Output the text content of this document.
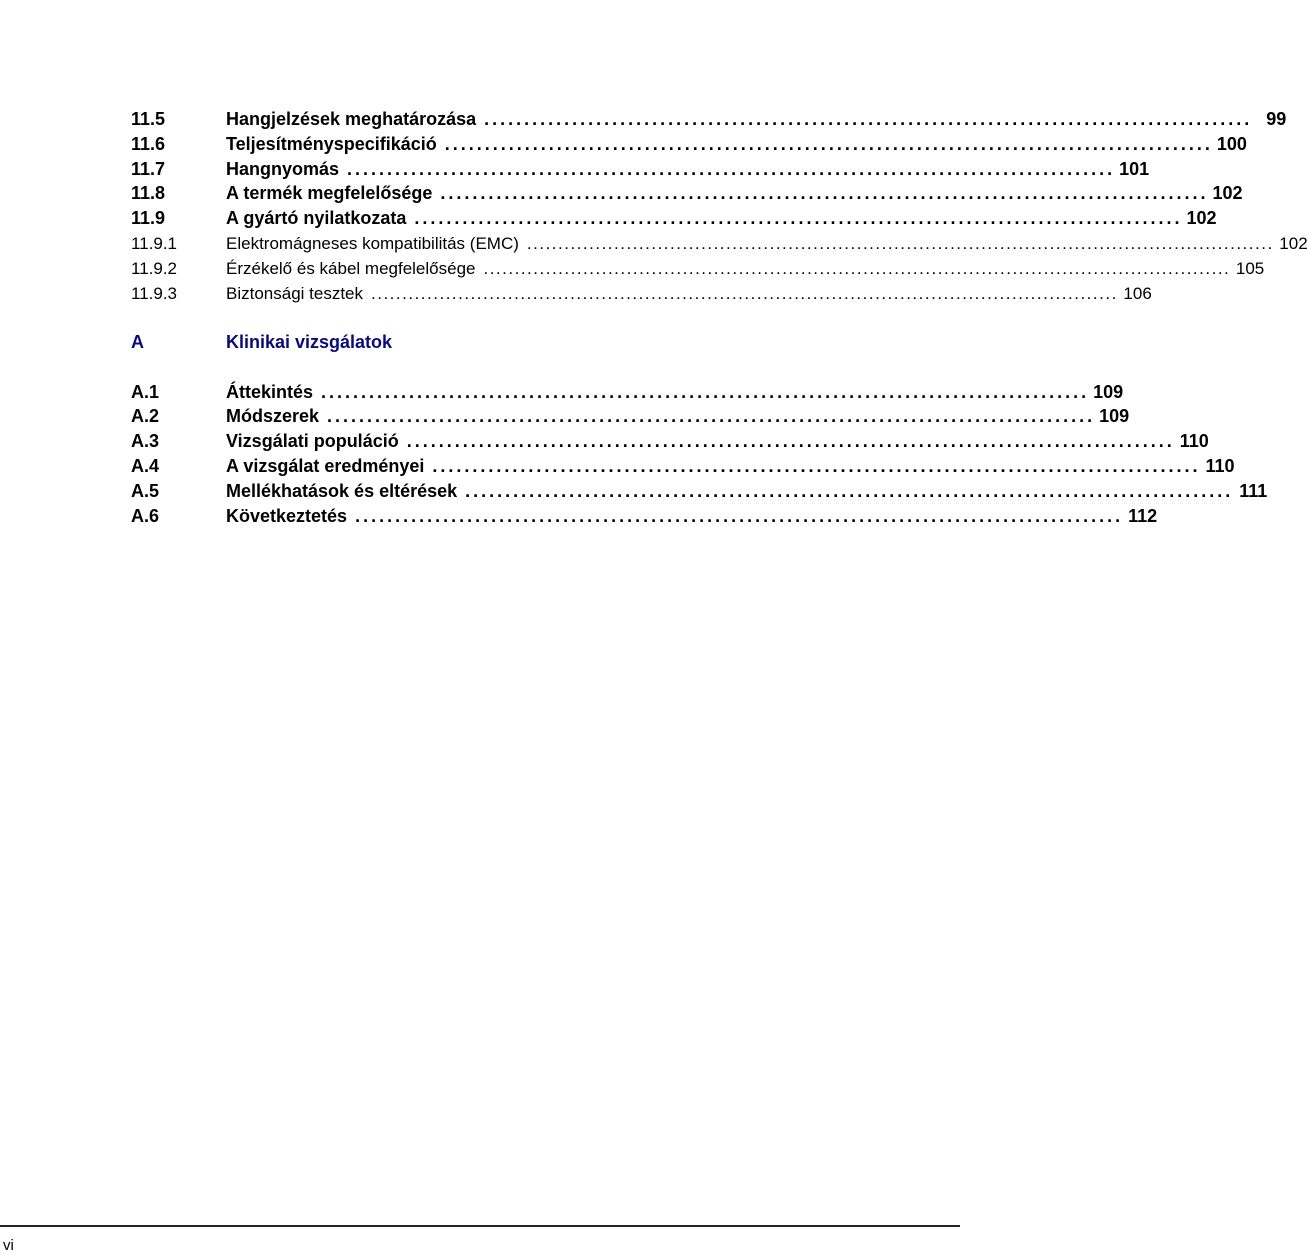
11.5	Hangjelzések meghatározása ................................................................................................ 99
11.6	Teljesítményspecifikáció ................................................................................................ 100
11.7	Hangnyomás ................................................................................................ 101
11.8	A termék megfelelősége ................................................................................................ 102
11.9	A gyártó nyilatkozata ................................................................................................ 102
11.9.1	Elektromágneses kompatibilitás (EMC) ........................................................................................................................ 102
11.9.2	Érzékelő és kábel megfelelősége ........................................................................................................................ 105
11.9.3	Biztonsági tesztek ........................................................................................................................ 106
A	Klinikai vizsgálatok
A.1	Áttekintés ................................................................................................ 109
A.2	Módszerek ................................................................................................ 109
A.3	Vizsgálati populáció ................................................................................................ 110
A.4	A vizsgálat eredményei ................................................................................................ 110
A.5	Mellékhatások és eltérések ................................................................................................ 111
A.6	Következtetés ................................................................................................ 112
vi
